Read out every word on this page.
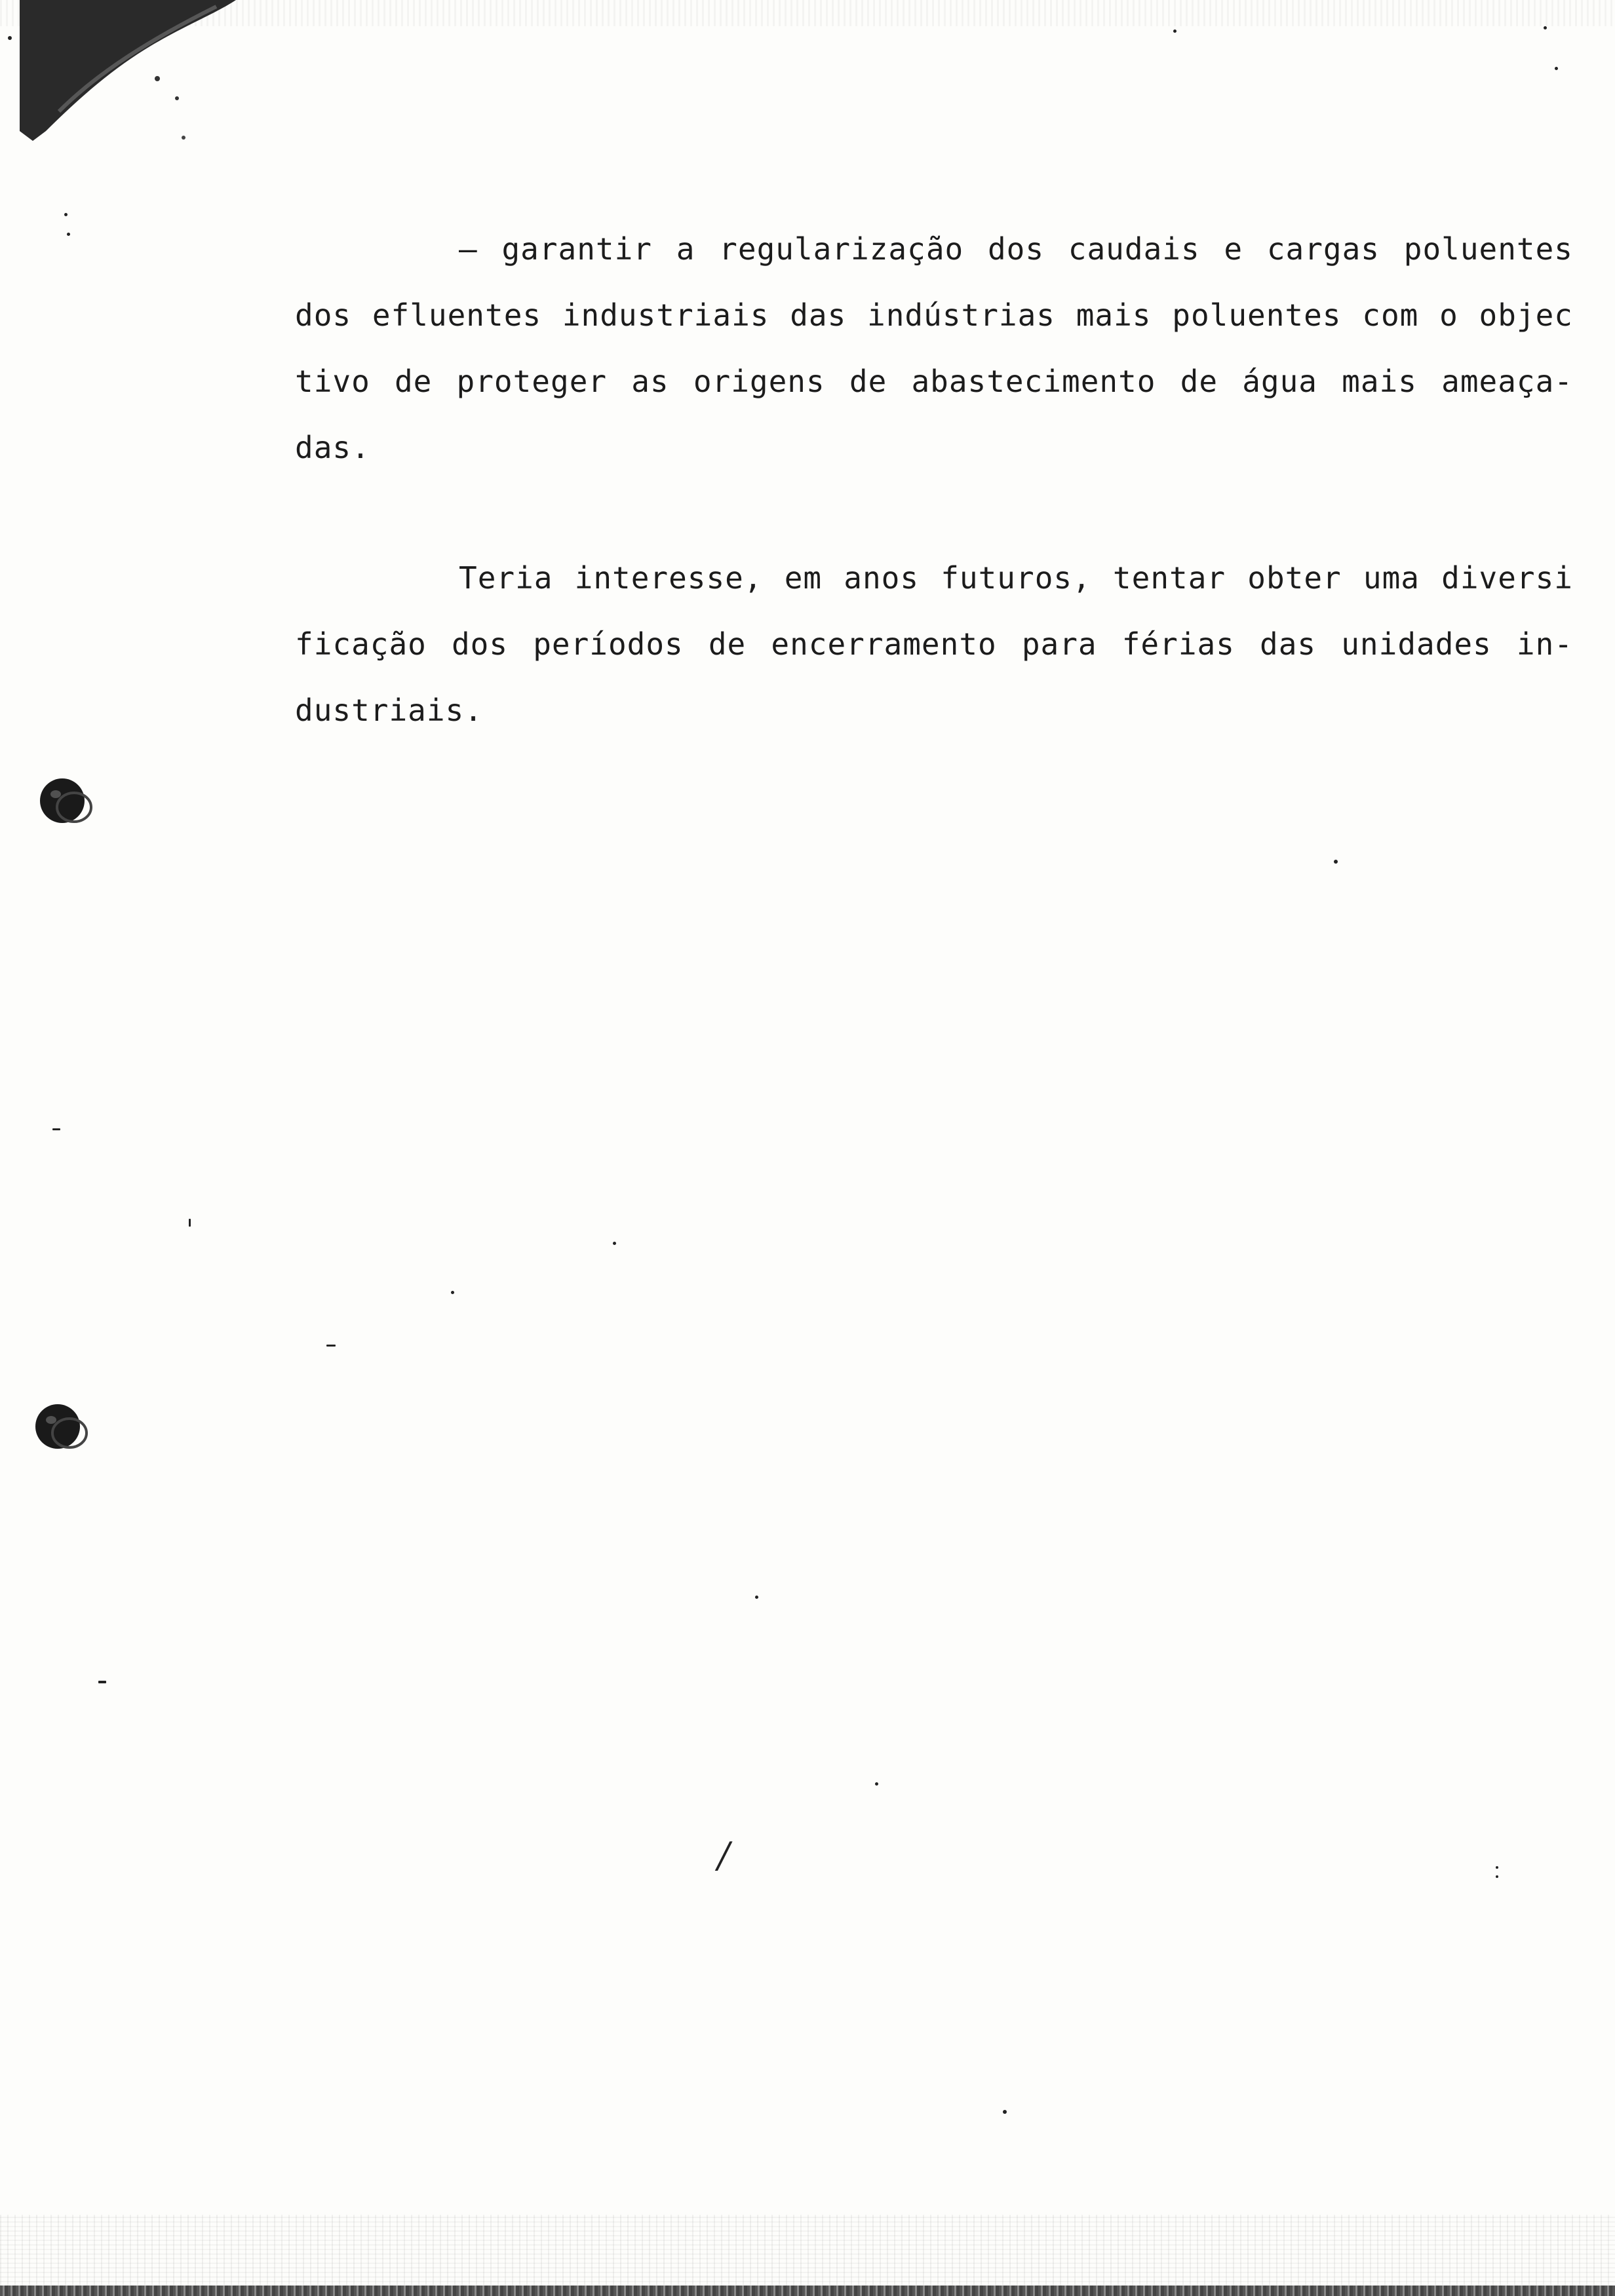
– garantir a regularização dos caudais e cargas poluentes dos efluentes industriais das indústrias mais poluentes com o objec tivo de proteger as origens de abastecimento de água mais ameaça- das.

Teria interesse, em anos futuros, tentar obter uma diversi ficação dos períodos de encerramento para férias das unidades in- dustriais.

/
